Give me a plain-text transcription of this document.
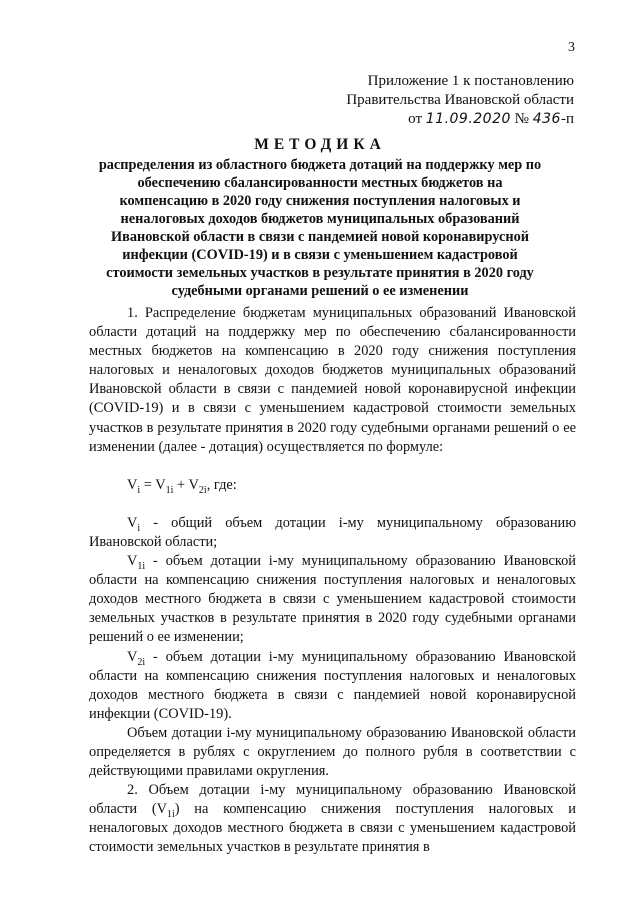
3
Приложение 1 к постановлению
Правительства Ивановской области
от 11.09.2020 № 436-п
МЕТОДИКА

распределения из областного бюджета дотаций на поддержку мер по обеспечению сбалансированности местных бюджетов на компенсацию в 2020 году снижения поступления налоговых и неналоговых доходов бюджетов муниципальных образований Ивановской области в связи с пандемией новой коронавирусной инфекции (COVID-19) и в связи с уменьшением кадастровой стоимости земельных участков в результате принятия в 2020 году судебными органами решений о ее изменении

1. Распределение бюджетам муниципальных образований Ивановской области дотаций на поддержку мер по обеспечению сбалансированности местных бюджетов на компенсацию в 2020 году снижения поступления налоговых и неналоговых доходов бюджетов муниципальных образований Ивановской области в связи с пандемией новой коронавирусной инфекции (COVID-19) и в связи с уменьшением кадастровой стоимости земельных участков в результате принятия в 2020 году судебными органами решений о ее изменении (далее - дотация) осуществляется по формуле:

$V_i = V_{1i} + V_{2i}$, где:

$V_i$ - общий объем дотации i-му муниципальному образованию Ивановской области;

$V_{1i}$ - объем дотации i-му муниципальному образованию Ивановской области на компенсацию снижения поступления налоговых и неналоговых доходов местного бюджета в связи с уменьшением кадастровой стоимости земельных участков в результате принятия в 2020 году судебными органами решений о ее изменении;

$V_{2i}$ - объем дотации i-му муниципальному образованию Ивановской области на компенсацию снижения поступления налоговых и неналоговых доходов местного бюджета в связи с пандемией новой коронавирусной инфекции (COVID-19).

Объем дотации i-му муниципальному образованию Ивановской области определяется в рублях с округлением до полного рубля в соответствии с действующими правилами округления.

2. Объем дотации i-му муниципальному образованию Ивановской области $(V_{1i})$ на компенсацию снижения поступления налоговых и неналоговых доходов местного бюджета в связи с уменьшением кадастровой стоимости земельных участков в результате принятия в
